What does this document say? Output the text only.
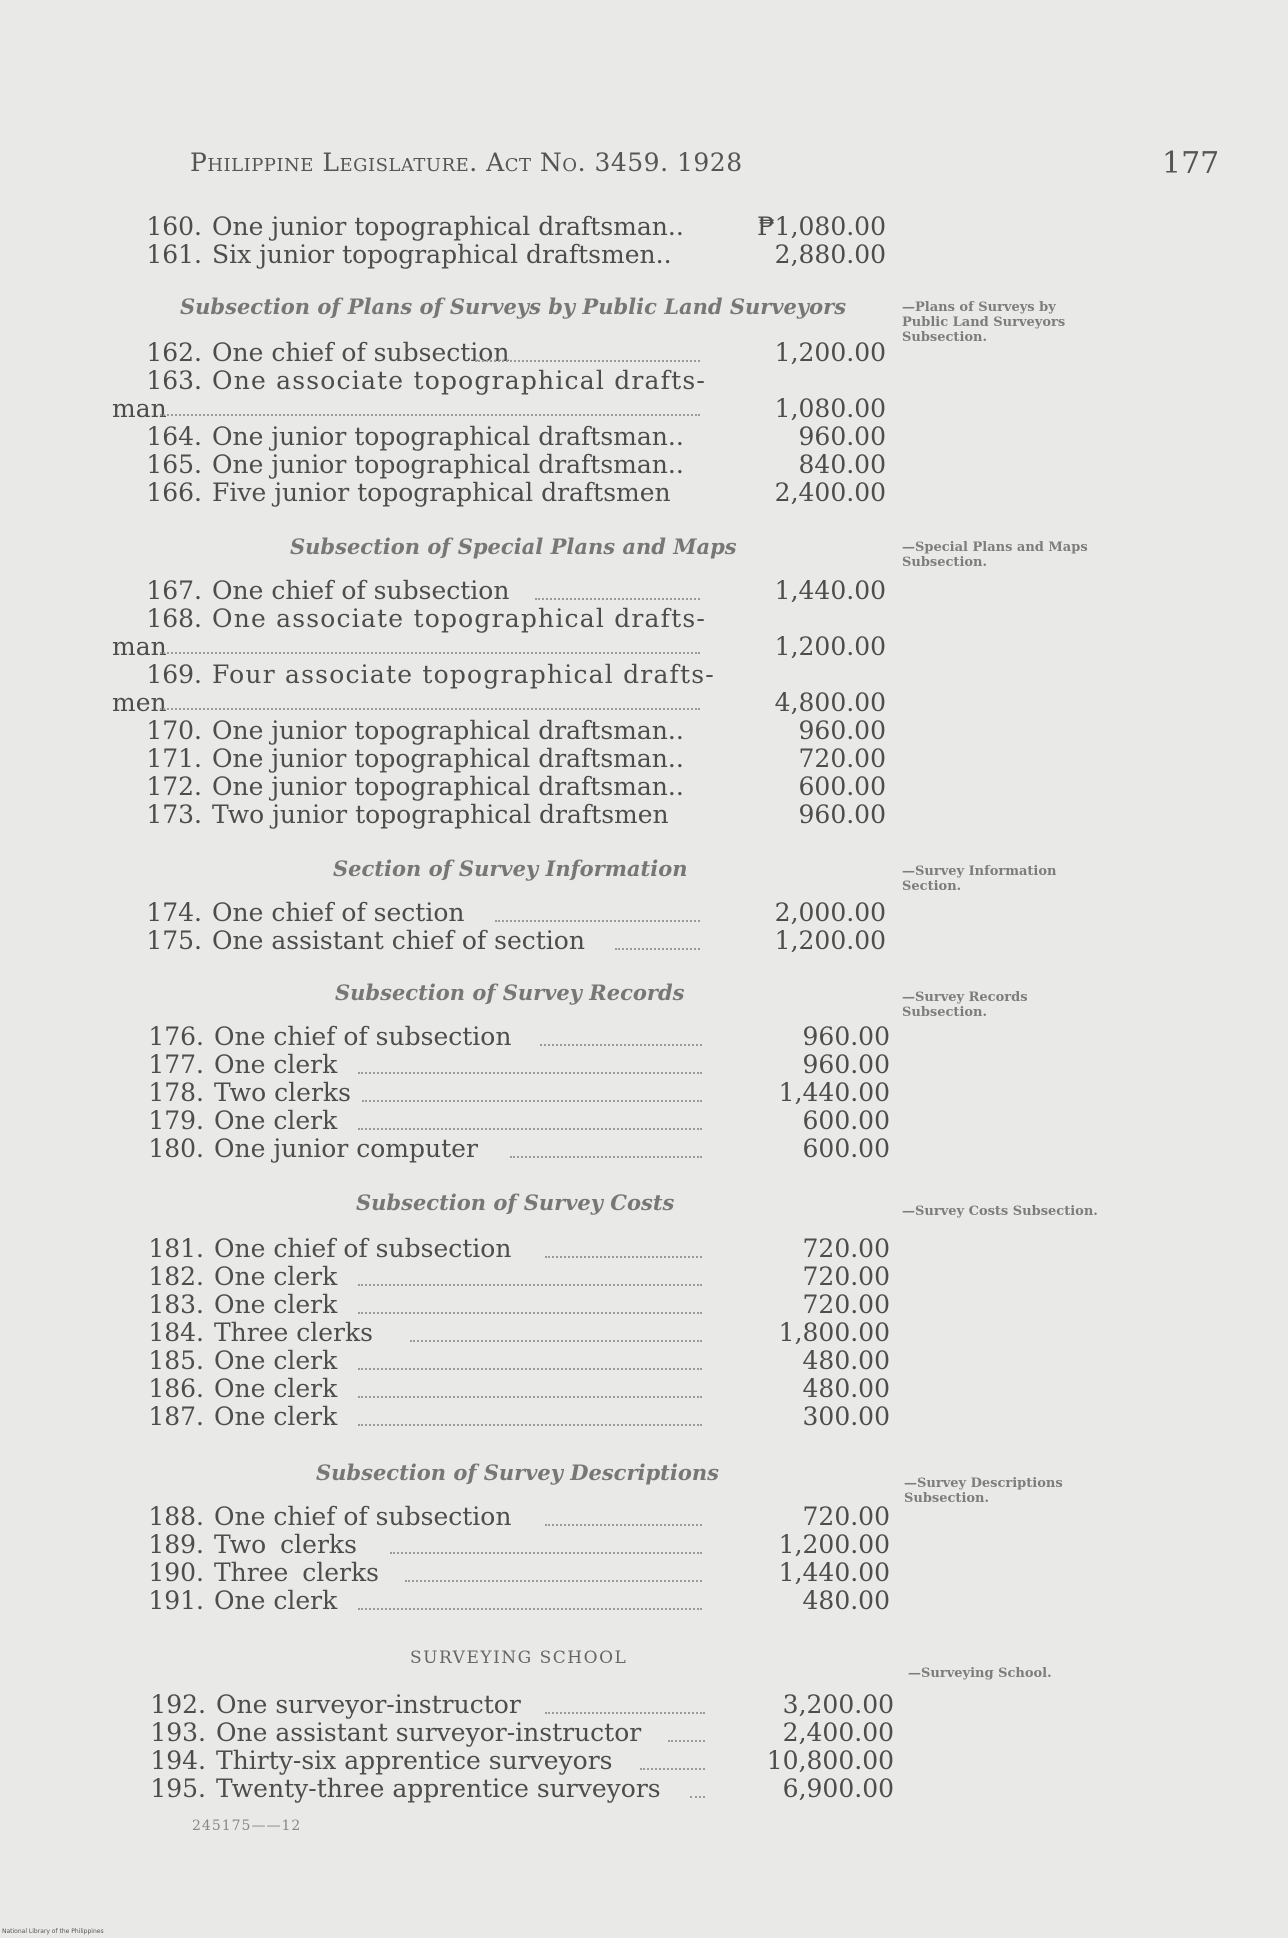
Philippine Legislature. Act No. 3459. 1928	177
160. One junior topographical draftsman..	₱1,080.00
161. Six junior topographical draftsmen..	2,880.00
Subsection of Plans of Surveys by Public Land Surveyors	—Plans of Surveys by Public Land Surveyors Subsection.
162. One chief of subsection	1,200.00
163. One associate topographical drafts-
man	1,080.00
164. One junior topographical draftsman..	960.00
165. One junior topographical draftsman..	840.00
166. Five junior topographical draftsmen	2,400.00
Subsection of Special Plans and Maps	—Special Plans and Maps Subsection.
167. One chief of subsection	1,440.00
168. One associate topographical drafts-
man	1,200.00
169. Four associate topographical drafts-
men	4,800.00
170. One junior topographical draftsman..	960.00
171. One junior topographical draftsman..	720.00
172. One junior topographical draftsman..	600.00
173. Two junior topographical draftsmen	960.00
Section of Survey Information	—Survey Information Section.
174. One chief of section	2,000.00
175. One assistant chief of section	1,200.00
Subsection of Survey Records	—Survey Records Subsection.
176. One chief of subsection	960.00
177. One clerk	960.00
178. Two clerks	1,440.00
179. One clerk	600.00
180. One junior computer	600.00
Subsection of Survey Costs	—Survey Costs Subsection.
181. One chief of subsection	720.00
182. One clerk	720.00
183. One clerk	720.00
184. Three clerks	1,800.00
185. One clerk	480.00
186. One clerk	480.00
187. One clerk	300.00
Subsection of Survey Descriptions	—Survey Descriptions Subsection.
188. One chief of subsection	720.00
189. Two clerks	1,200.00
190. Three clerks	1,440.00
191. One clerk	480.00
SURVEYING SCHOOL
—Surveying School.
192. One surveyor-instructor	3,200.00
193. One assistant surveyor-instructor	2,400.00
194. Thirty-six apprentice surveyors	10,800.00
195. Twenty-three apprentice surveyors	6,900.00
245175——12
National Library of the Philippines
